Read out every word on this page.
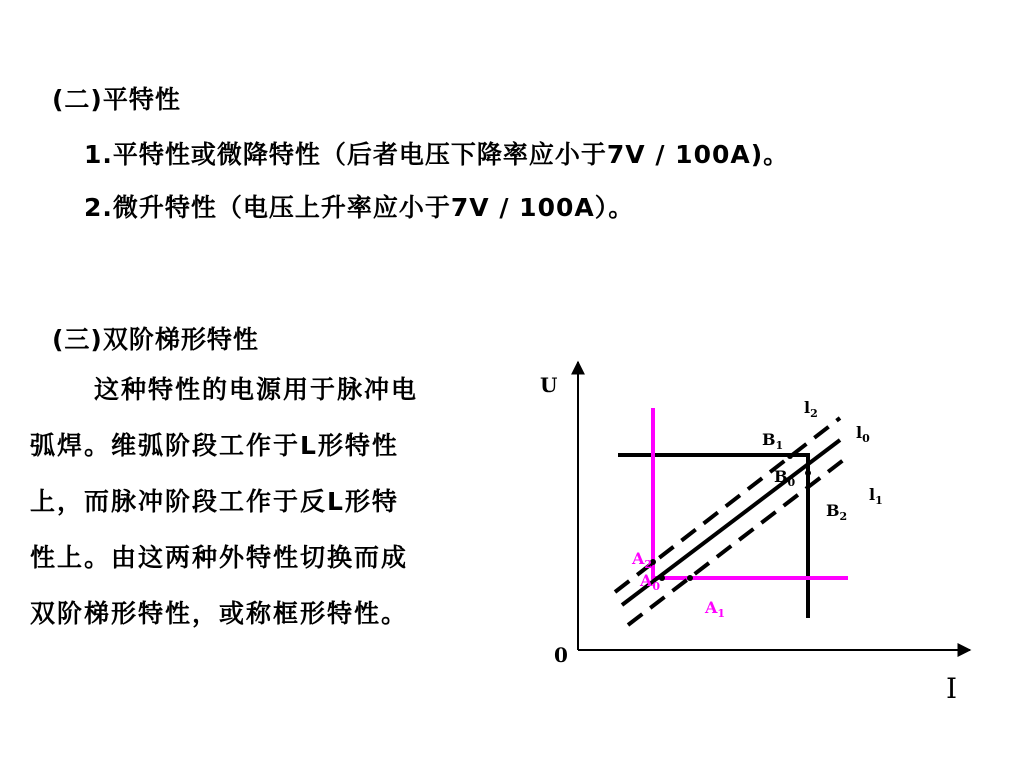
(二)平特性
1.平特性或微降特性（后者电压下降率应小于7V / 100A)。
2.微升特性（电压上升率应小于7V / 100A）。
(三)双阶梯形特性
这种特性的电源用于脉冲电
弧焊。维弧阶段工作于L形特性
上，而脉冲阶段工作于反L形特
性上。由这两种外特性切换而成
双阶梯形特性，或称框形特性。
U
I
0
$l_2$
$l_0$
$l_1$
$B_1$
$B_0$
$B_2$
$A_2$
$A_0$
$A_1$
